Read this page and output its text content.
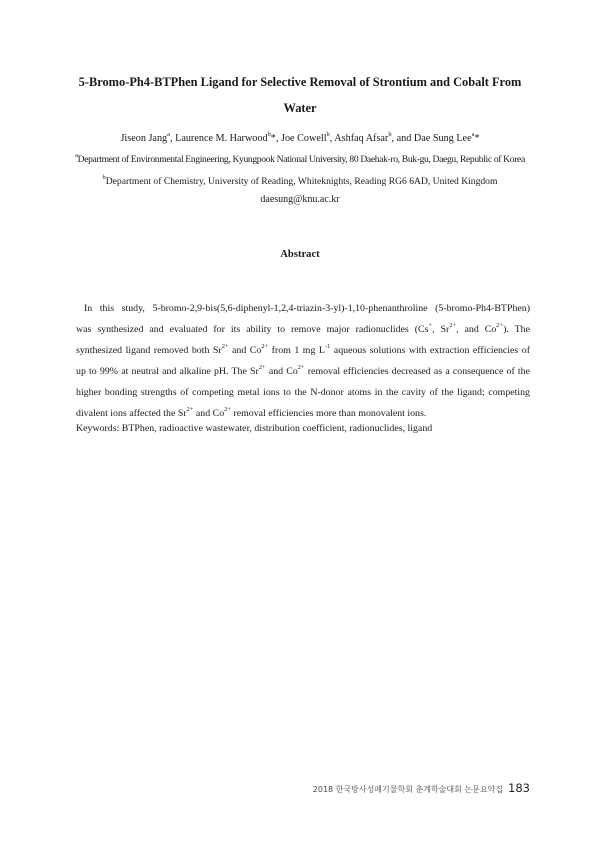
5-Bromo-Ph4-BTPhen Ligand for Selective Removal of Strontium and Cobalt From
Water
Jiseon Jang$^a$, Laurence M. Harwood$^b$*, Joe Cowell$^b$, Ashfaq Afsar$^b$, and Dae Sung Lee$^a$*
$^a$Department of Environmental Engineering, Kyungpook National University, 80 Daehak-ro, Buk-gu, Daegu, Republic of Korea
$^b$Department of Chemistry, University of Reading, Whiteknights, Reading RG6 6AD, United Kingdom
daesung@knu.ac.kr
Abstract
In this study, 5-bromo-2,9-bis(5,6-diphenyl-1,2,4-triazin-3-yl)-1,10-phenanthroline (5-bromo-Ph4-BTPhen)
was synthesized and evaluated for its ability to remove major radionuclides (Cs+, $Sr^{2+}$, and $Co^{2+}$). The
synthesized ligand removed both $Sr^{2+}$ and $Co^{2+}$ from 1 mg $L^{-1}$ aqueous solutions with extraction efficiencies of
up to 99% at neutral and alkaline pH. The $Sr^{2+}$ and $Co^{2+}$ removal efficiencies decreased as a consequence of the
higher bonding strengths of competing metal ions to the N-donor atoms in the cavity of the ligand; competing
divalent ions affected the $Sr^{2+}$ and $Co^{2+}$ removal efficiencies more than monovalent ions.
Keywords: BTPhen, radioactive wastewater, distribution coefficient, radionuclides, ligand
2018 한국방사성폐기물학회 춘계학술대회 논문요약집 183
